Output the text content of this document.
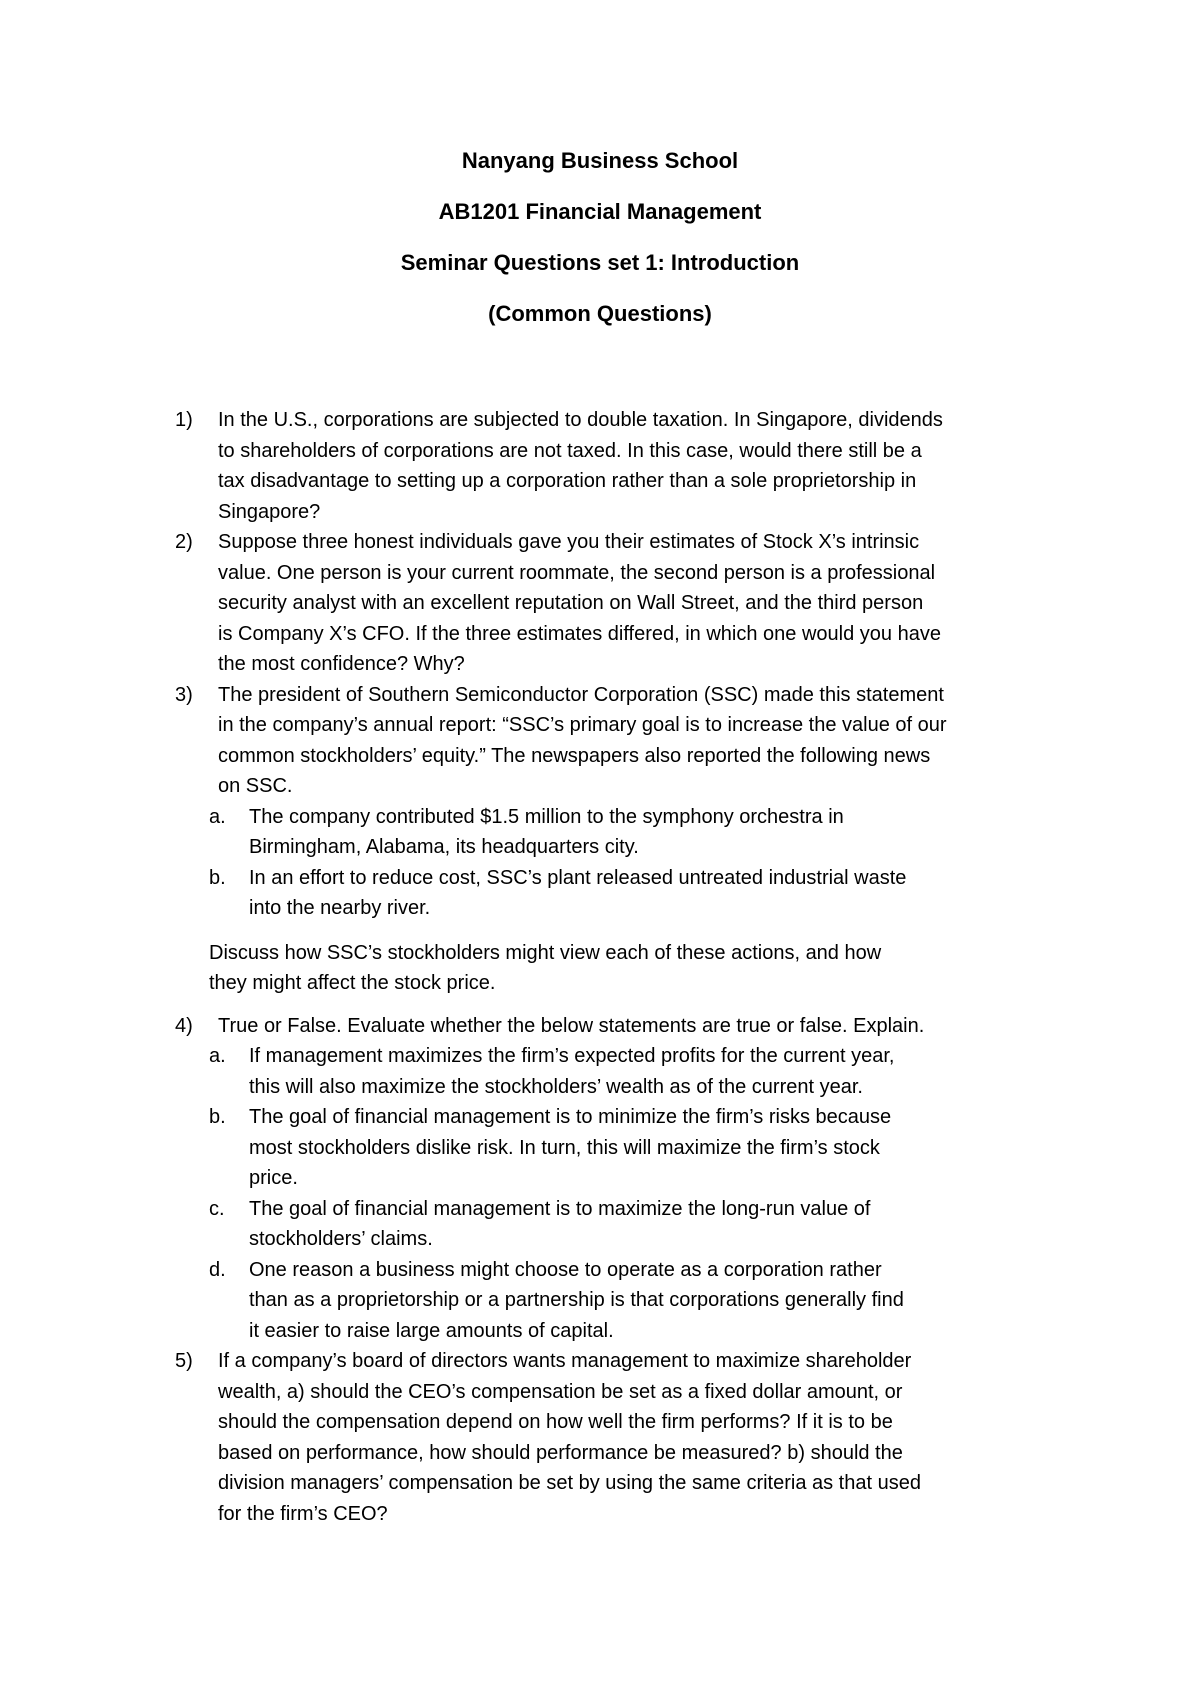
Nanyang Business School
AB1201 Financial Management
Seminar Questions set 1: Introduction
(Common Questions)
1) In the U.S., corporations are subjected to double taxation. In Singapore, dividends
to shareholders of corporations are not taxed. In this case, would there still be a
tax disadvantage to setting up a corporation rather than a sole proprietorship in
Singapore?
2) Suppose three honest individuals gave you their estimates of Stock X’s intrinsic
value. One person is your current roommate, the second person is a professional
security analyst with an excellent reputation on Wall Street, and the third person
is Company X’s CFO. If the three estimates differed, in which one would you have
the most confidence? Why?
3) The president of Southern Semiconductor Corporation (SSC) made this statement
in the company’s annual report: “SSC’s primary goal is to increase the value of our
common stockholders’ equity.” The newspapers also reported the following news
on SSC.
a. The company contributed $1.5 million to the symphony orchestra in
Birmingham, Alabama, its headquarters city.
b. In an effort to reduce cost, SSC’s plant released untreated industrial waste
into the nearby river.
Discuss how SSC’s stockholders might view each of these actions, and how
they might affect the stock price.
4) True or False. Evaluate whether the below statements are true or false. Explain.
a. If management maximizes the firm’s expected profits for the current year,
this will also maximize the stockholders’ wealth as of the current year.
b. The goal of financial management is to minimize the firm’s risks because
most stockholders dislike risk. In turn, this will maximize the firm’s stock
price.
c. The goal of financial management is to maximize the long-run value of
stockholders’ claims.
d. One reason a business might choose to operate as a corporation rather
than as a proprietorship or a partnership is that corporations generally find
it easier to raise large amounts of capital.
5) If a company’s board of directors wants management to maximize shareholder
wealth, a) should the CEO’s compensation be set as a fixed dollar amount, or
should the compensation depend on how well the firm performs? If it is to be
based on performance, how should performance be measured? b) should the
division managers’ compensation be set by using the same criteria as that used
for the firm’s CEO?
